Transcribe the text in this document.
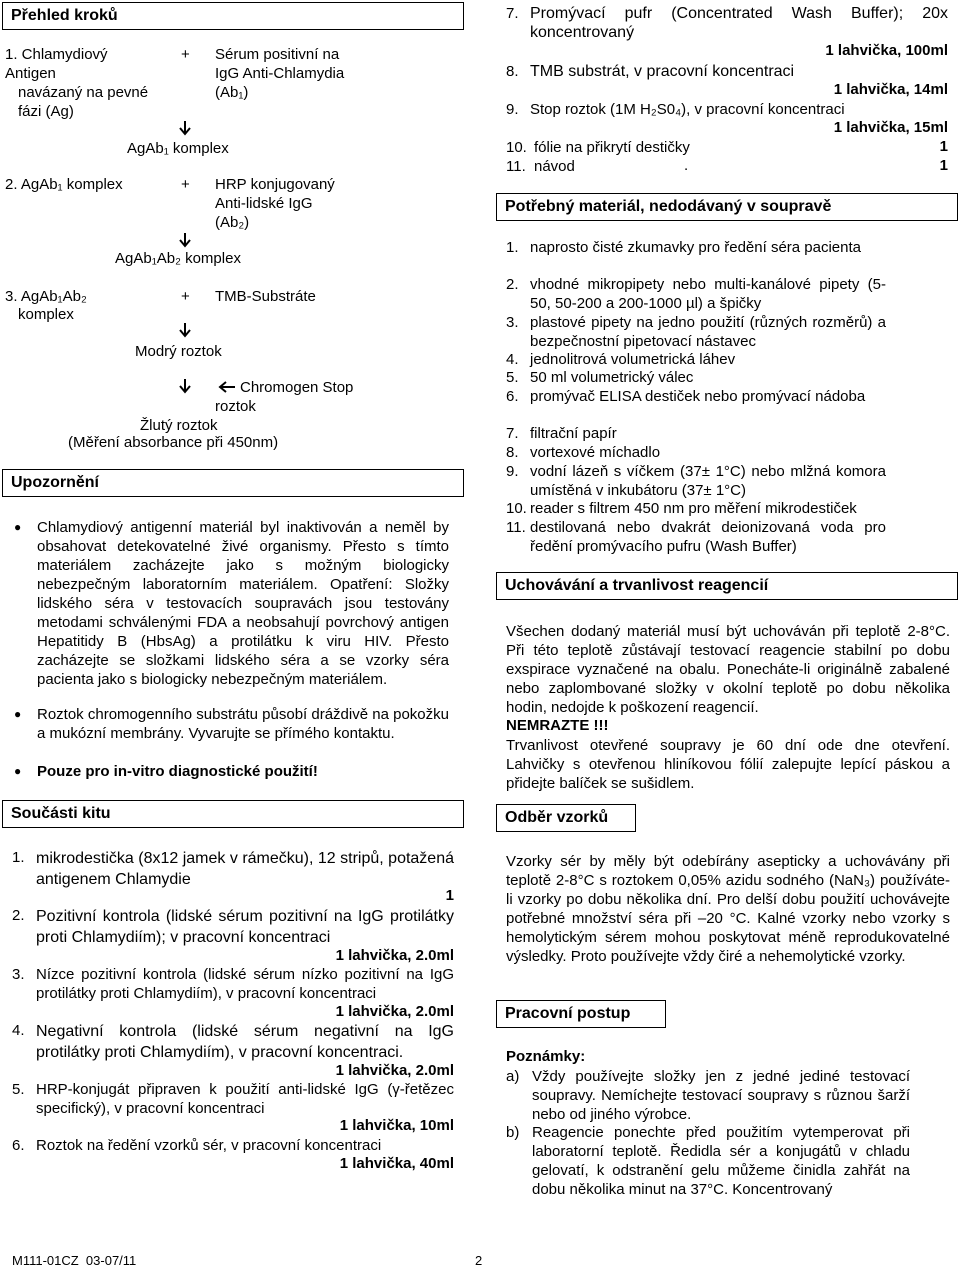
Přehled kroků
1. Chlamydiový
Antigen
navázaný na pevné
fázi (Ag)
+ Sérum positivní na
IgG Anti-Chlamydia
(Ab₁)
AgAb₁ komplex
2. AgAb₁ komplex	+ HRP konjugovaný
Anti-lidské IgG
(Ab₂)
AgAb₁Ab₂ komplex
3. AgAb₁Ab₂
komplex
+ TMB-Substráte
Modrý roztok
Chromogen Stop
roztok
Žlutý roztok
(Měření absorbance při 450nm)
Upozornění
● Chlamydiový antigenní materiál byl inaktivován a neměl by obsahovat detekovatelné živé organismy. Přesto s tímto materiálem zacházejte jako s možným biologicky nebezpečným laboratorním materiálem. Opatření: Složky lidského séra v testovacích soupravách jsou testovány metodami schválenými FDA a neobsahují povrchový antigen Hepatitidy B (HbsAg) a protilátku k viru HIV. Přesto zacházejte se složkami lidského séra a se vzorky séra pacienta jako s biologicky nebezpečným materiálem.
● Roztok chromogenního substrátu působí dráždivě na pokožku a mukózní membrány. Vyvarujte se přímého kontaktu.
● Pouze pro in-vitro diagnostické použití!
Součásti kitu
1. mikrodestička (8x12 jamek v rámečku), 12 stripů, potažená antigenem Chlamydie
1
2. Pozitivní kontrola (lidské sérum pozitivní na IgG protilátky proti Chlamydiím); v pracovní koncentraci
1 lahvička, 2.0ml
3. Nízce pozitivní kontrola (lidské sérum nízko pozitivní na IgG protilátky proti Chlamydiím), v pracovní koncentraci
1 lahvička, 2.0ml
4. Negativní kontrola (lidské sérum negativní na IgG protilátky proti Chlamydiím), v pracovní koncentraci.
1 lahvička, 2.0ml
5. HRP-konjugát připraven k použití anti-lidské IgG (γ-řetězec specifický), v pracovní koncentraci
1 lahvička, 10ml
6. Roztok na ředění vzorků sér, v pracovní koncentraci
1 lahvička, 40ml
M111-01CZ  03-07/11	2
7. Promývací pufr (Concentrated Wash Buffer); 20x koncentrovaný
1 lahvička, 100ml
8. TMB substrát, v pracovní koncentraci
1 lahvička, 14ml
9. Stop roztok (1M H₂S0₄), v pracovní koncentraci
1 lahvička, 15ml
10. fólie na přikrytí destičky	1
11. návod	.	1
Potřebný materiál, nedodávaný v soupravě
1. naprosto čisté zkumavky pro ředění séra pacienta
2. vhodné mikropipety nebo multi-kanálové pipety (5-50, 50-200 a 200-1000 µl) a špičky
3. plastové pipety na jedno použití (různých rozměrů) a bezpečnostní pipetovací nástavec
4. jednolitrová volumetrická láhev
5. 50 ml volumetrický válec
6. promývač ELISA destiček nebo promývací nádoba
7. filtrační papír
8. vortexové míchadlo
9. vodní lázeň s víčkem (37± 1°C) nebo mlžná komora umístěná v inkubátoru (37± 1°C)
10. reader s filtrem 450 nm pro měření mikrodestiček
11. destilovaná nebo dvakrát deionizovaná voda pro ředění promývacího pufru (Wash Buffer)
Uchovávání a trvanlivost reagencií
Všechen dodaný materiál musí být uchováván při teplotě 2-8°C. Při této teplotě zůstávají testovací reagencie stabilní po dobu exspirace vyznačené na obalu. Ponecháte-li originálně zabalené nebo zaplombované složky v okolní teplotě po dobu několika hodin, nedojde k poškození reagencií.
NEMRAZTE !!!
Trvanlivost otevřené soupravy je 60 dní ode dne otevření. Lahvičky s otevřenou hliníkovou fólií zalepujte lepící páskou a přidejte balíček se sušidlem.
Odběr vzorků
Vzorky sér by měly být odebírány asepticky a uchovávány při teplotě 2-8°C s roztokem 0,05% azidu sodného (NaN₃) používáte-li vzorky po dobu několika dní. Pro delší dobu použití uchovávejte potřebné množství séra při –20 °C. Kalné vzorky nebo vzorky s hemolytickým sérem mohou poskytovat méně reprodukovatelné výsledky. Proto používejte vždy čiré a nehemolytické vzorky.
Pracovní postup
Poznámky:
a) Vždy používejte složky jen z jedné jediné testovací soupravy. Nemíchejte testovací soupravy s různou šarží nebo od jiného výrobce.
b) Reagencie ponechte před použitím vytemperovat při laboratorní teplotě. Ředidla sér a konjugátů v chladu gelovatí, k odstranění gelu můžeme činidla zahřát na dobu několika minut na 37°C. Koncentrovaný
